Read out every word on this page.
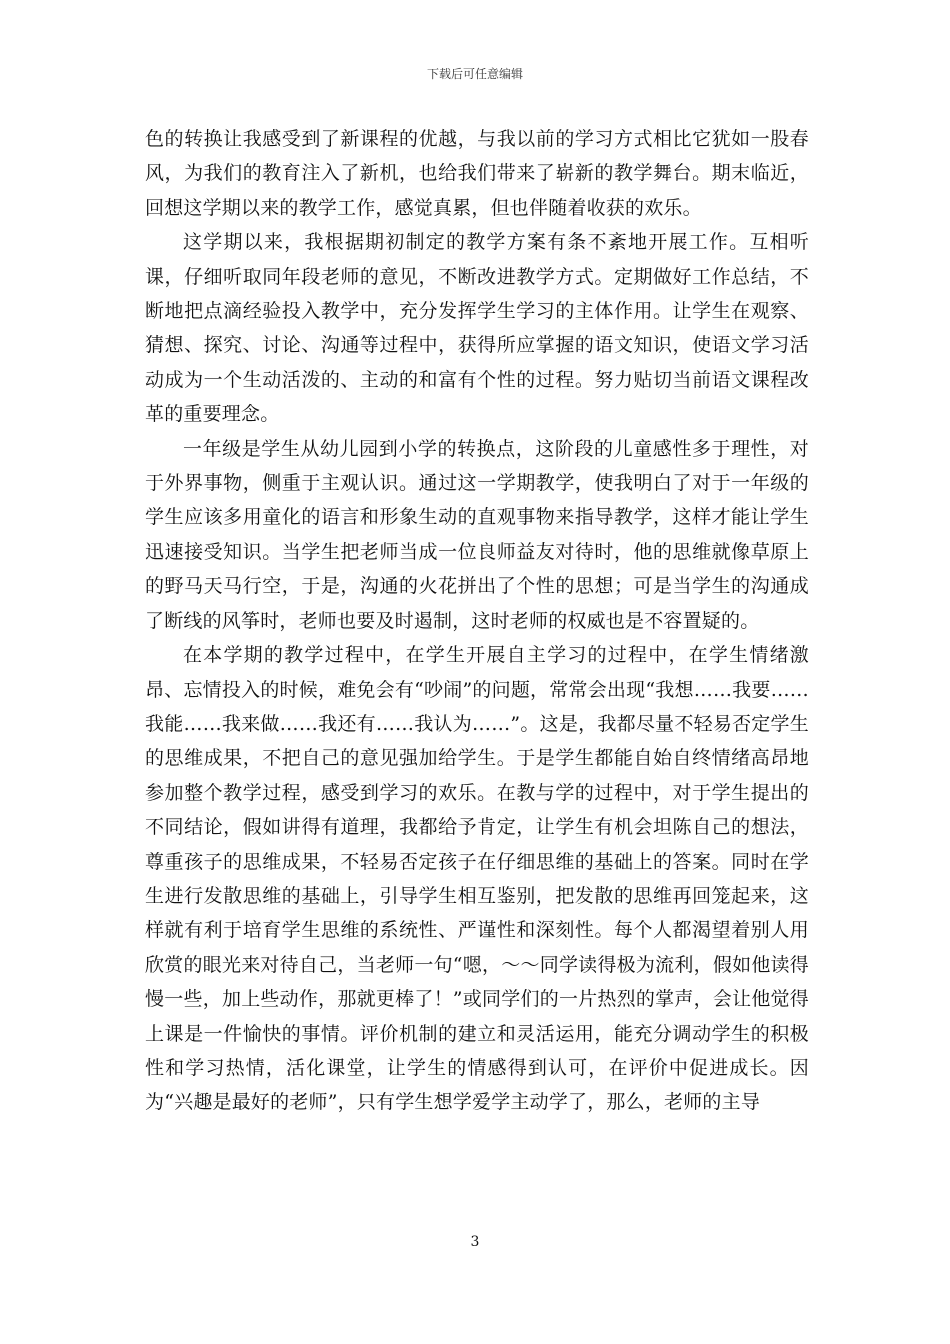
下载后可任意编辑

色的转换让我感受到了新课程的优越，与我以前的学习方式相比它犹如一股春风，为我们的教育注入了新机，也给我们带来了崭新的教学舞台。期末临近，回想这学期以来的教学工作，感觉真累，但也伴随着收获的欢乐。

这学期以来，我根据期初制定的教学方案有条不紊地开展工作。互相听课，仔细听取同年段老师的意见，不断改进教学方式。定期做好工作总结，不断地把点滴经验投入教学中，充分发挥学生学习的主体作用。让学生在观察、猜想、探究、讨论、沟通等过程中，获得所应掌握的语文知识，使语文学习活动成为一个生动活泼的、主动的和富有个性的过程。努力贴切当前语文课程改革的重要理念。

一年级是学生从幼儿园到小学的转换点，这阶段的儿童感性多于理性，对于外界事物，侧重于主观认识。通过这一学期教学，使我明白了对于一年级的学生应该多用童化的语言和形象生动的直观事物来指导教学，这样才能让学生迅速接受知识。当学生把老师当成一位良师益友对待时，他的思维就像草原上的野马天马行空，于是，沟通的火花拼出了个性的思想；可是当学生的沟通成了断线的风筝时，老师也要及时遏制，这时老师的权威也是不容置疑的。

在本学期的教学过程中，在学生开展自主学习的过程中，在学生情绪激昂、忘情投入的时候，难免会有“吵闹”的问题，常常会出现“我想……我要……我能……我来做……我还有……我认为……”。这是，我都尽量不轻易否定学生的思维成果，不把自己的意见强加给学生。于是学生都能自始自终情绪高昂地参加整个教学过程，感受到学习的欢乐。在教与学的过程中，对于学生提出的不同结论，假如讲得有道理，我都给予肯定，让学生有机会坦陈自己的想法，尊重孩子的思维成果，不轻易否定孩子在仔细思维的基础上的答案。同时在学生进行发散思维的基础上，引导学生相互鉴别，把发散的思维再回笼起来，这样就有利于培育学生思维的系统性、严谨性和深刻性。每个人都渴望着别人用欣赏的眼光来对待自己，当老师一句“嗯，～～同学读得极为流利，假如他读得慢一些，加上些动作，那就更棒了！”或同学们的一片热烈的掌声，会让他觉得上课是一件愉快的事情。评价机制的建立和灵活运用，能充分调动学生的积极性和学习热情，活化课堂，让学生的情感得到认可，在评价中促进成长。因为“兴趣是最好的老师”，只有学生想学爱学主动学了，那么，老师的主导

3
